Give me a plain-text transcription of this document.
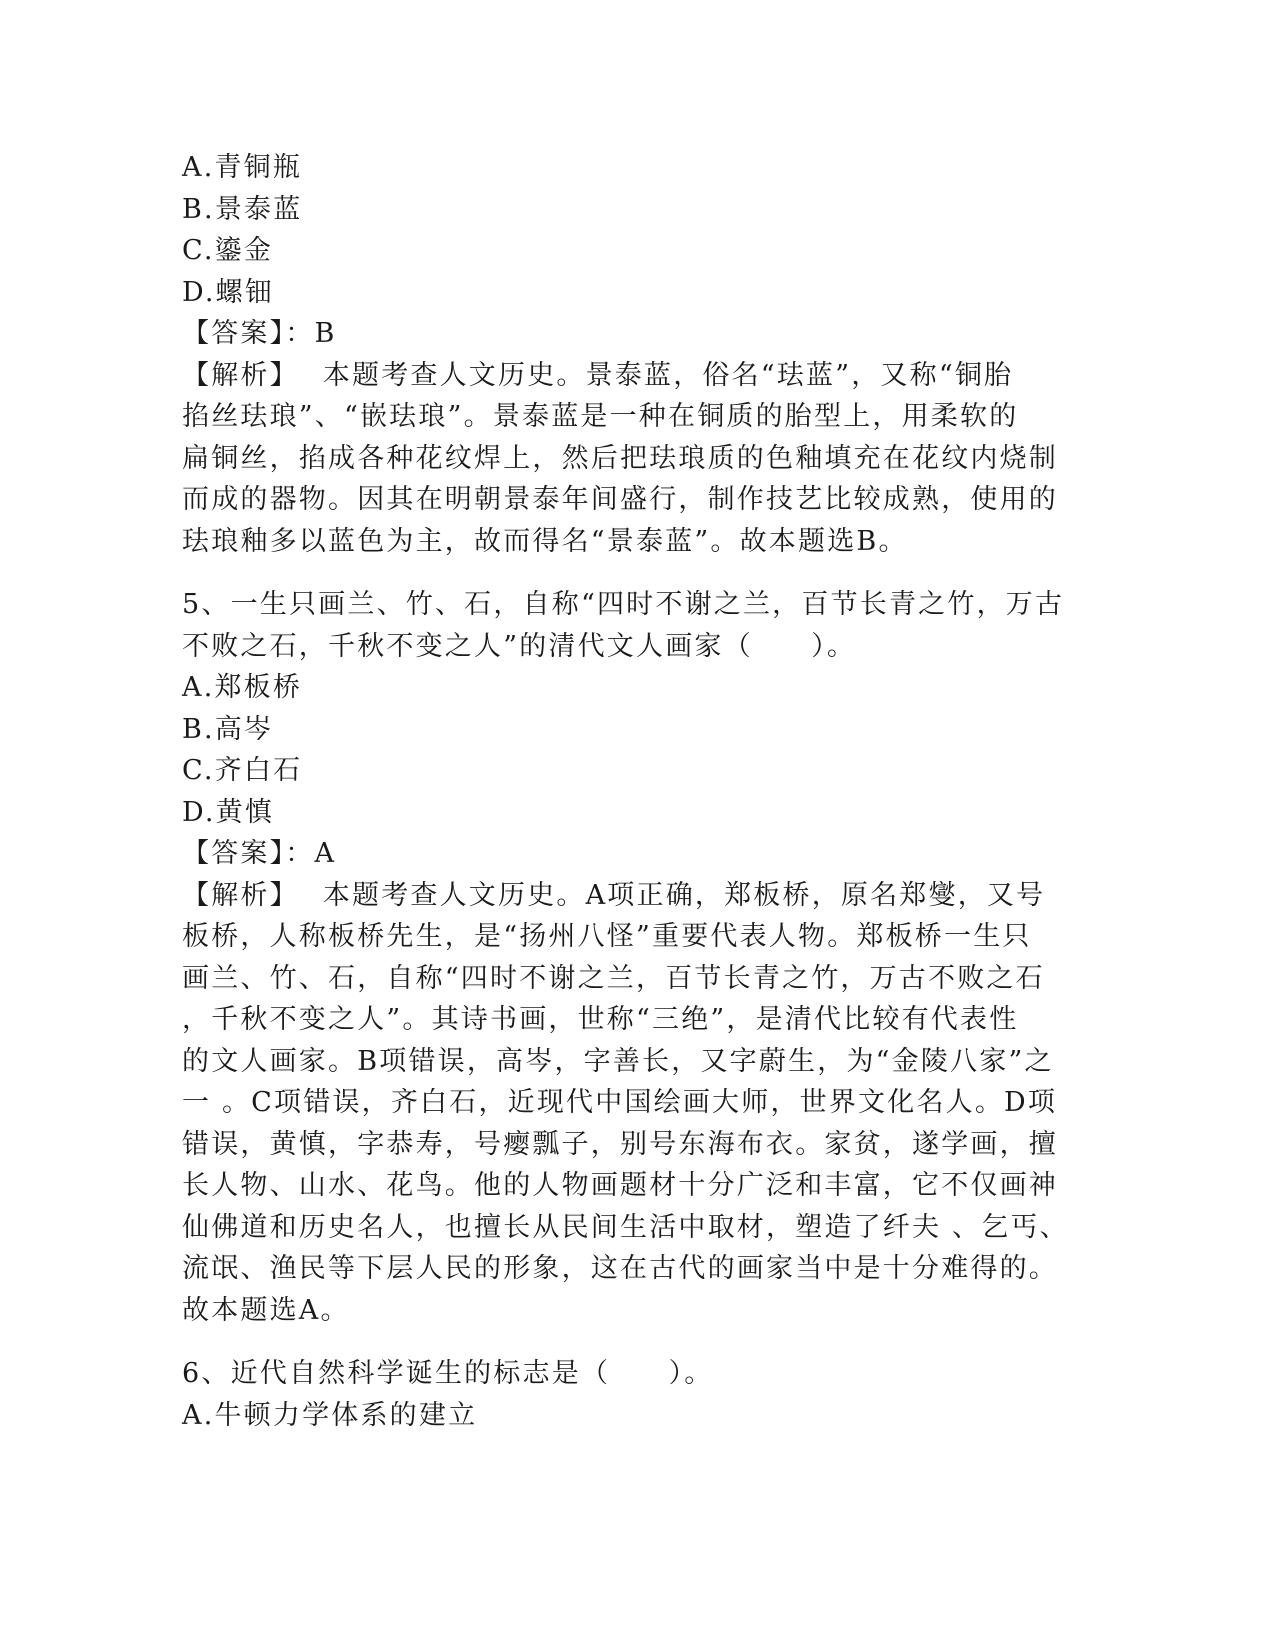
A.青铜瓶
B.景泰蓝
C.鎏金
D.螺钿
【答案】：B
【解析】 本题考查人文历史。景泰蓝，俗名“珐蓝”，又称“铜胎
掐丝珐琅”、“嵌珐琅”。景泰蓝是一种在铜质的胎型上，用柔软的
扁铜丝，掐成各种花纹焊上，然后把珐琅质的色釉填充在花纹内烧制
而成的器物。因其在明朝景泰年间盛行，制作技艺比较成熟，使用的
珐琅釉多以蓝色为主，故而得名“景泰蓝”。故本题选B。
5、一生只画兰、竹、石，自称“四时不谢之兰，百节长青之竹，万古
不败之石，千秋不变之人”的清代文人画家（　　）。
A.郑板桥
B.高岑
C.齐白石
D.黄慎
【答案】：A
【解析】 本题考查人文历史。A项正确，郑板桥，原名郑燮，又号
板桥，人称板桥先生，是“扬州八怪”重要代表人物。郑板桥一生只
画兰、竹、石，自称“四时不谢之兰，百节长青之竹，万古不败之石
，千秋不变之人”。其诗书画，世称“三绝”，是清代比较有代表性
的文人画家。B项错误，高岑，字善长，又字蔚生，为“金陵八家”之
一 。C项错误，齐白石，近现代中国绘画大师，世界文化名人。D项
错误，黄慎，字恭寿，号瘿瓢子，别号东海布衣。家贫，遂学画，擅
长人物、山水、花鸟。他的人物画题材十分广泛和丰富，它不仅画神
仙佛道和历史名人，也擅长从民间生活中取材，塑造了纤夫 、乞丐、
流氓、渔民等下层人民的形象，这在古代的画家当中是十分难得的。
故本题选A。
6、近代自然科学诞生的标志是（　　）。
A.牛顿力学体系的建立
